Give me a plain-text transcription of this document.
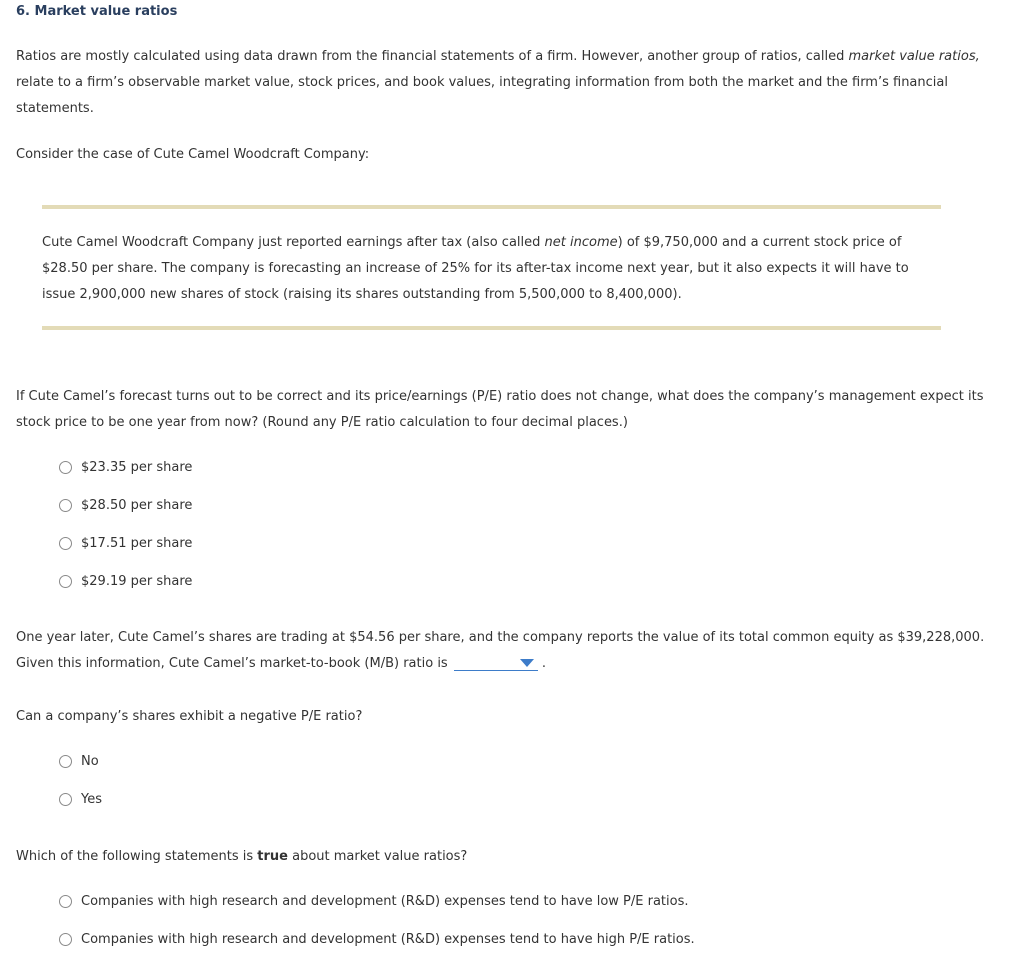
6. Market value ratios

Ratios are mostly calculated using data drawn from the financial statements of a firm. However, another group of ratios, called market value ratios, relate to a firm’s observable market value, stock prices, and book values, integrating information from both the market and the firm’s financial statements.

Consider the case of Cute Camel Woodcraft Company:

Cute Camel Woodcraft Company just reported earnings after tax (also called net income) of $9,750,000 and a current stock price of $28.50 per share. The company is forecasting an increase of 25% for its after-tax income next year, but it also expects it will have to issue 2,900,000 new shares of stock (raising its shares outstanding from 5,500,000 to 8,400,000).

If Cute Camel’s forecast turns out to be correct and its price/earnings (P/E) ratio does not change, what does the company’s management expect its stock price to be one year from now? (Round any P/E ratio calculation to four decimal places.)

$23.35 per share
$28.50 per share
$17.51 per share
$29.19 per share

One year later, Cute Camel’s shares are trading at $54.56 per share, and the company reports the value of its total common equity as $39,228,000. Given this information, Cute Camel’s market-to-book (M/B) ratio is	.

Can a company’s shares exhibit a negative P/E ratio?

No
Yes

Which of the following statements is true about market value ratios?

Companies with high research and development (R&D) expenses tend to have low P/E ratios.
Companies with high research and development (R&D) expenses tend to have high P/E ratios.
